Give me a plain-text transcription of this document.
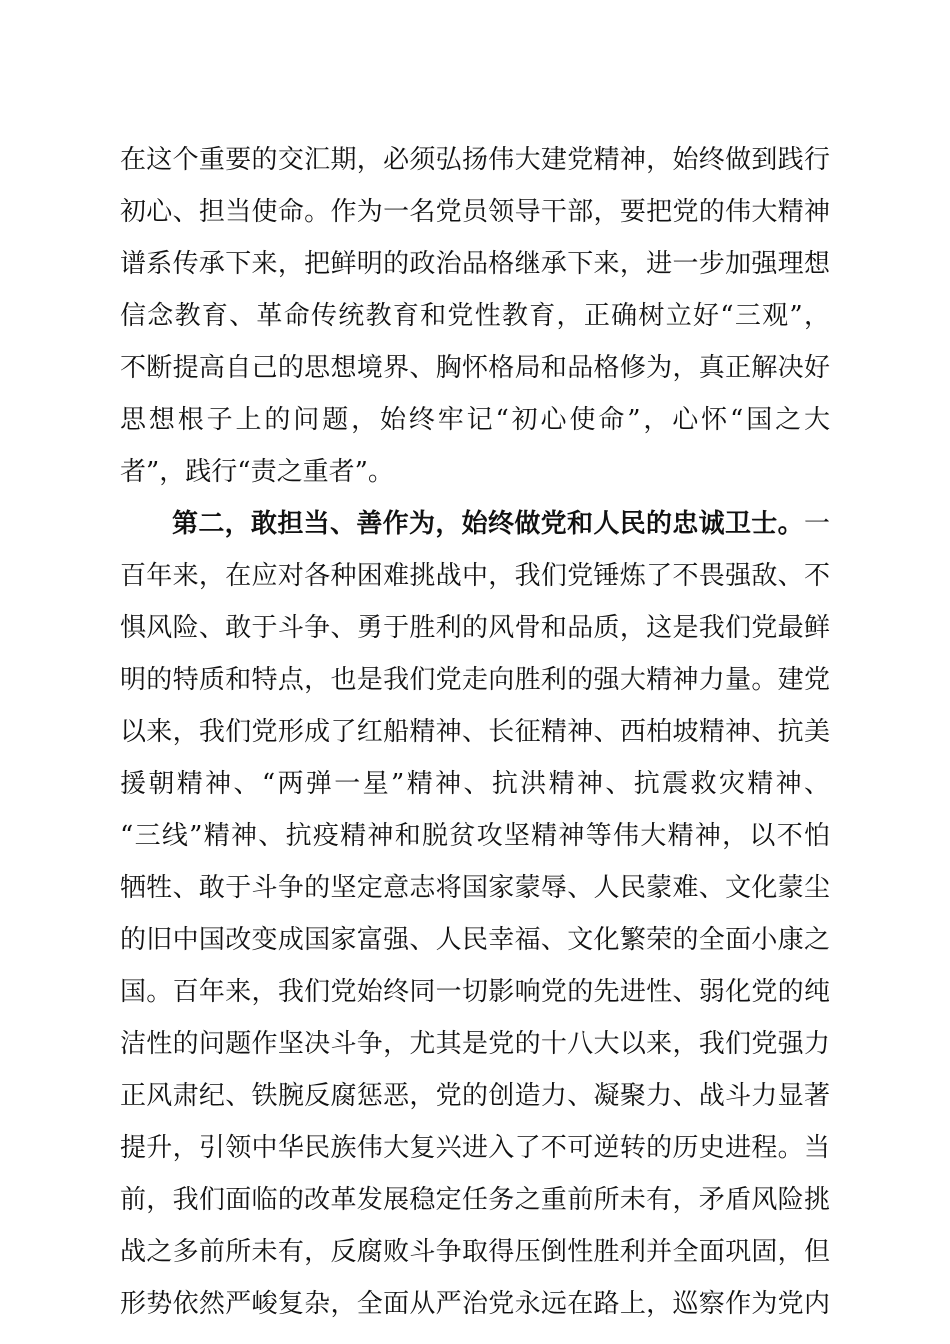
在这个重要的交汇期，必须弘扬伟大建党精神，始终做到践行
初心、担当使命。作为一名党员领导干部，要把党的伟大精神
谱系传承下来，把鲜明的政治品格继承下来，进一步加强理想
信念教育、革命传统教育和党性教育，正确树立好“三观”，
不断提高自己的思想境界、胸怀格局和品格修为，真正解决好
思想根子上的问题，始终牢记“初心使命”，心怀“国之大
者”，践行“责之重者”。
第二，敢担当、善作为，始终做党和人民的忠诚卫士。一
百年来，在应对各种困难挑战中，我们党锤炼了不畏强敌、不
惧风险、敢于斗争、勇于胜利的风骨和品质，这是我们党最鲜
明的特质和特点，也是我们党走向胜利的强大精神力量。建党
以来，我们党形成了红船精神、长征精神、西柏坡精神、抗美
援朝精神、“两弹一星”精神、抗洪精神、抗震救灾精神、
“三线”精神、抗疫精神和脱贫攻坚精神等伟大精神，以不怕
牺牲、敢于斗争的坚定意志将国家蒙辱、人民蒙难、文化蒙尘
的旧中国改变成国家富强、人民幸福、文化繁荣的全面小康之
国。百年来，我们党始终同一切影响党的先进性、弱化党的纯
洁性的问题作坚决斗争，尤其是党的十八大以来，我们党强力
正风肃纪、铁腕反腐惩恶，党的创造力、凝聚力、战斗力显著
提升，引领中华民族伟大复兴进入了不可逆转的历史进程。当
前，我们面临的改革发展稳定任务之重前所未有，矛盾风险挑
战之多前所未有，反腐败斗争取得压倒性胜利并全面巩固，但
形势依然严峻复杂，全面从严治党永远在路上，巡察作为党内
